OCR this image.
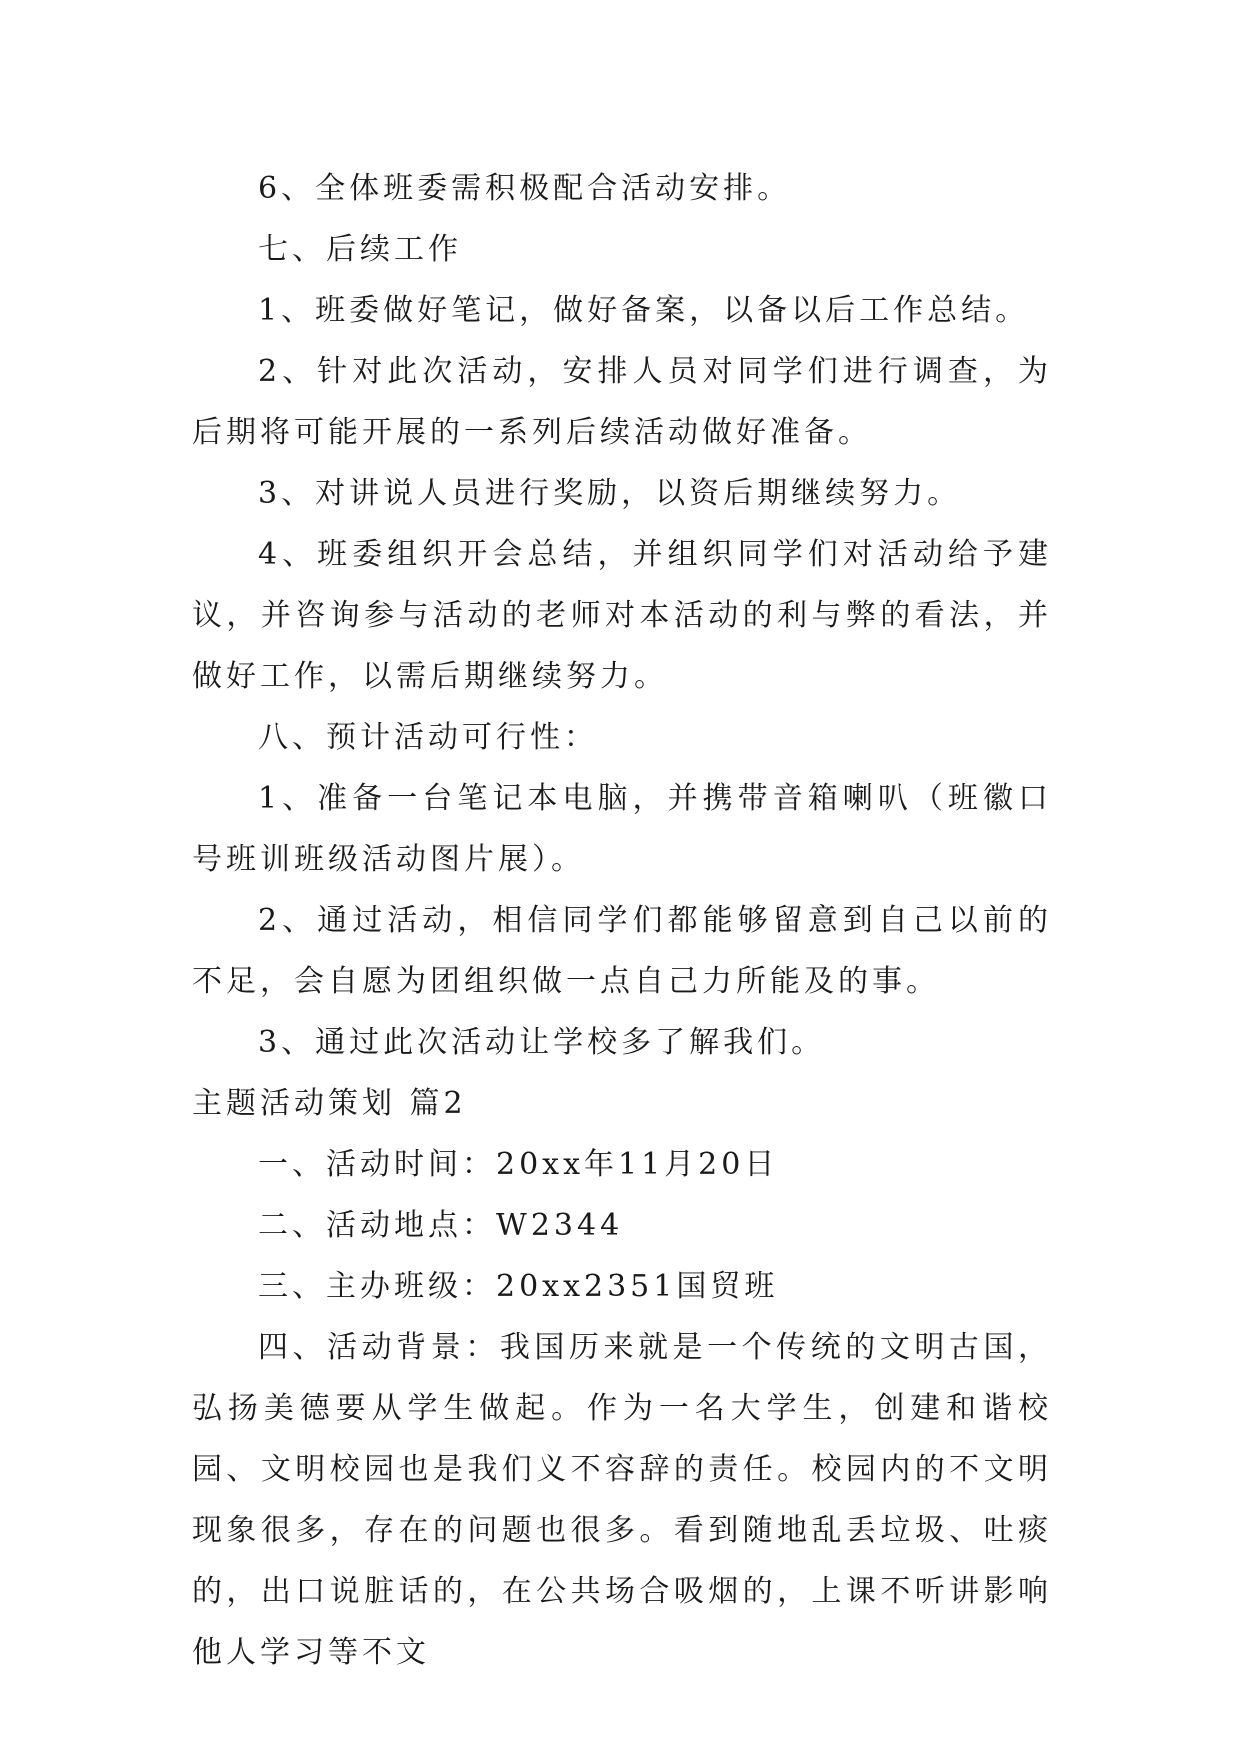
6、全体班委需积极配合活动安排。

七、后续工作

1、班委做好笔记，做好备案，以备以后工作总结。

2、针对此次活动，安排人员对同学们进行调查，为后期将可能开展的一系列后续活动做好准备。

3、对讲说人员进行奖励，以资后期继续努力。

4、班委组织开会总结，并组织同学们对活动给予建议，并咨询参与活动的老师对本活动的利与弊的看法，并做好工作，以需后期继续努力。

八、预计活动可行性：

1、准备一台笔记本电脑，并携带音箱喇叭（班徽口号班训班级活动图片展）。

2、通过活动，相信同学们都能够留意到自己以前的不足，会自愿为团组织做一点自己力所能及的事。

3、通过此次活动让学校多了解我们。

主题活动策划 篇2

一、活动时间：20xx年11月20日

二、活动地点：W2344

三、主办班级：20xx2351国贸班

四、活动背景：我国历来就是一个传统的文明古国，弘扬美德要从学生做起。作为一名大学生，创建和谐校园、文明校园也是我们义不容辞的责任。校园内的不文明现象很多，存在的问题也很多。看到随地乱丢垃圾、吐痰的，出口说脏话的，在公共场合吸烟的，上课不听讲影响他人学习等不文
